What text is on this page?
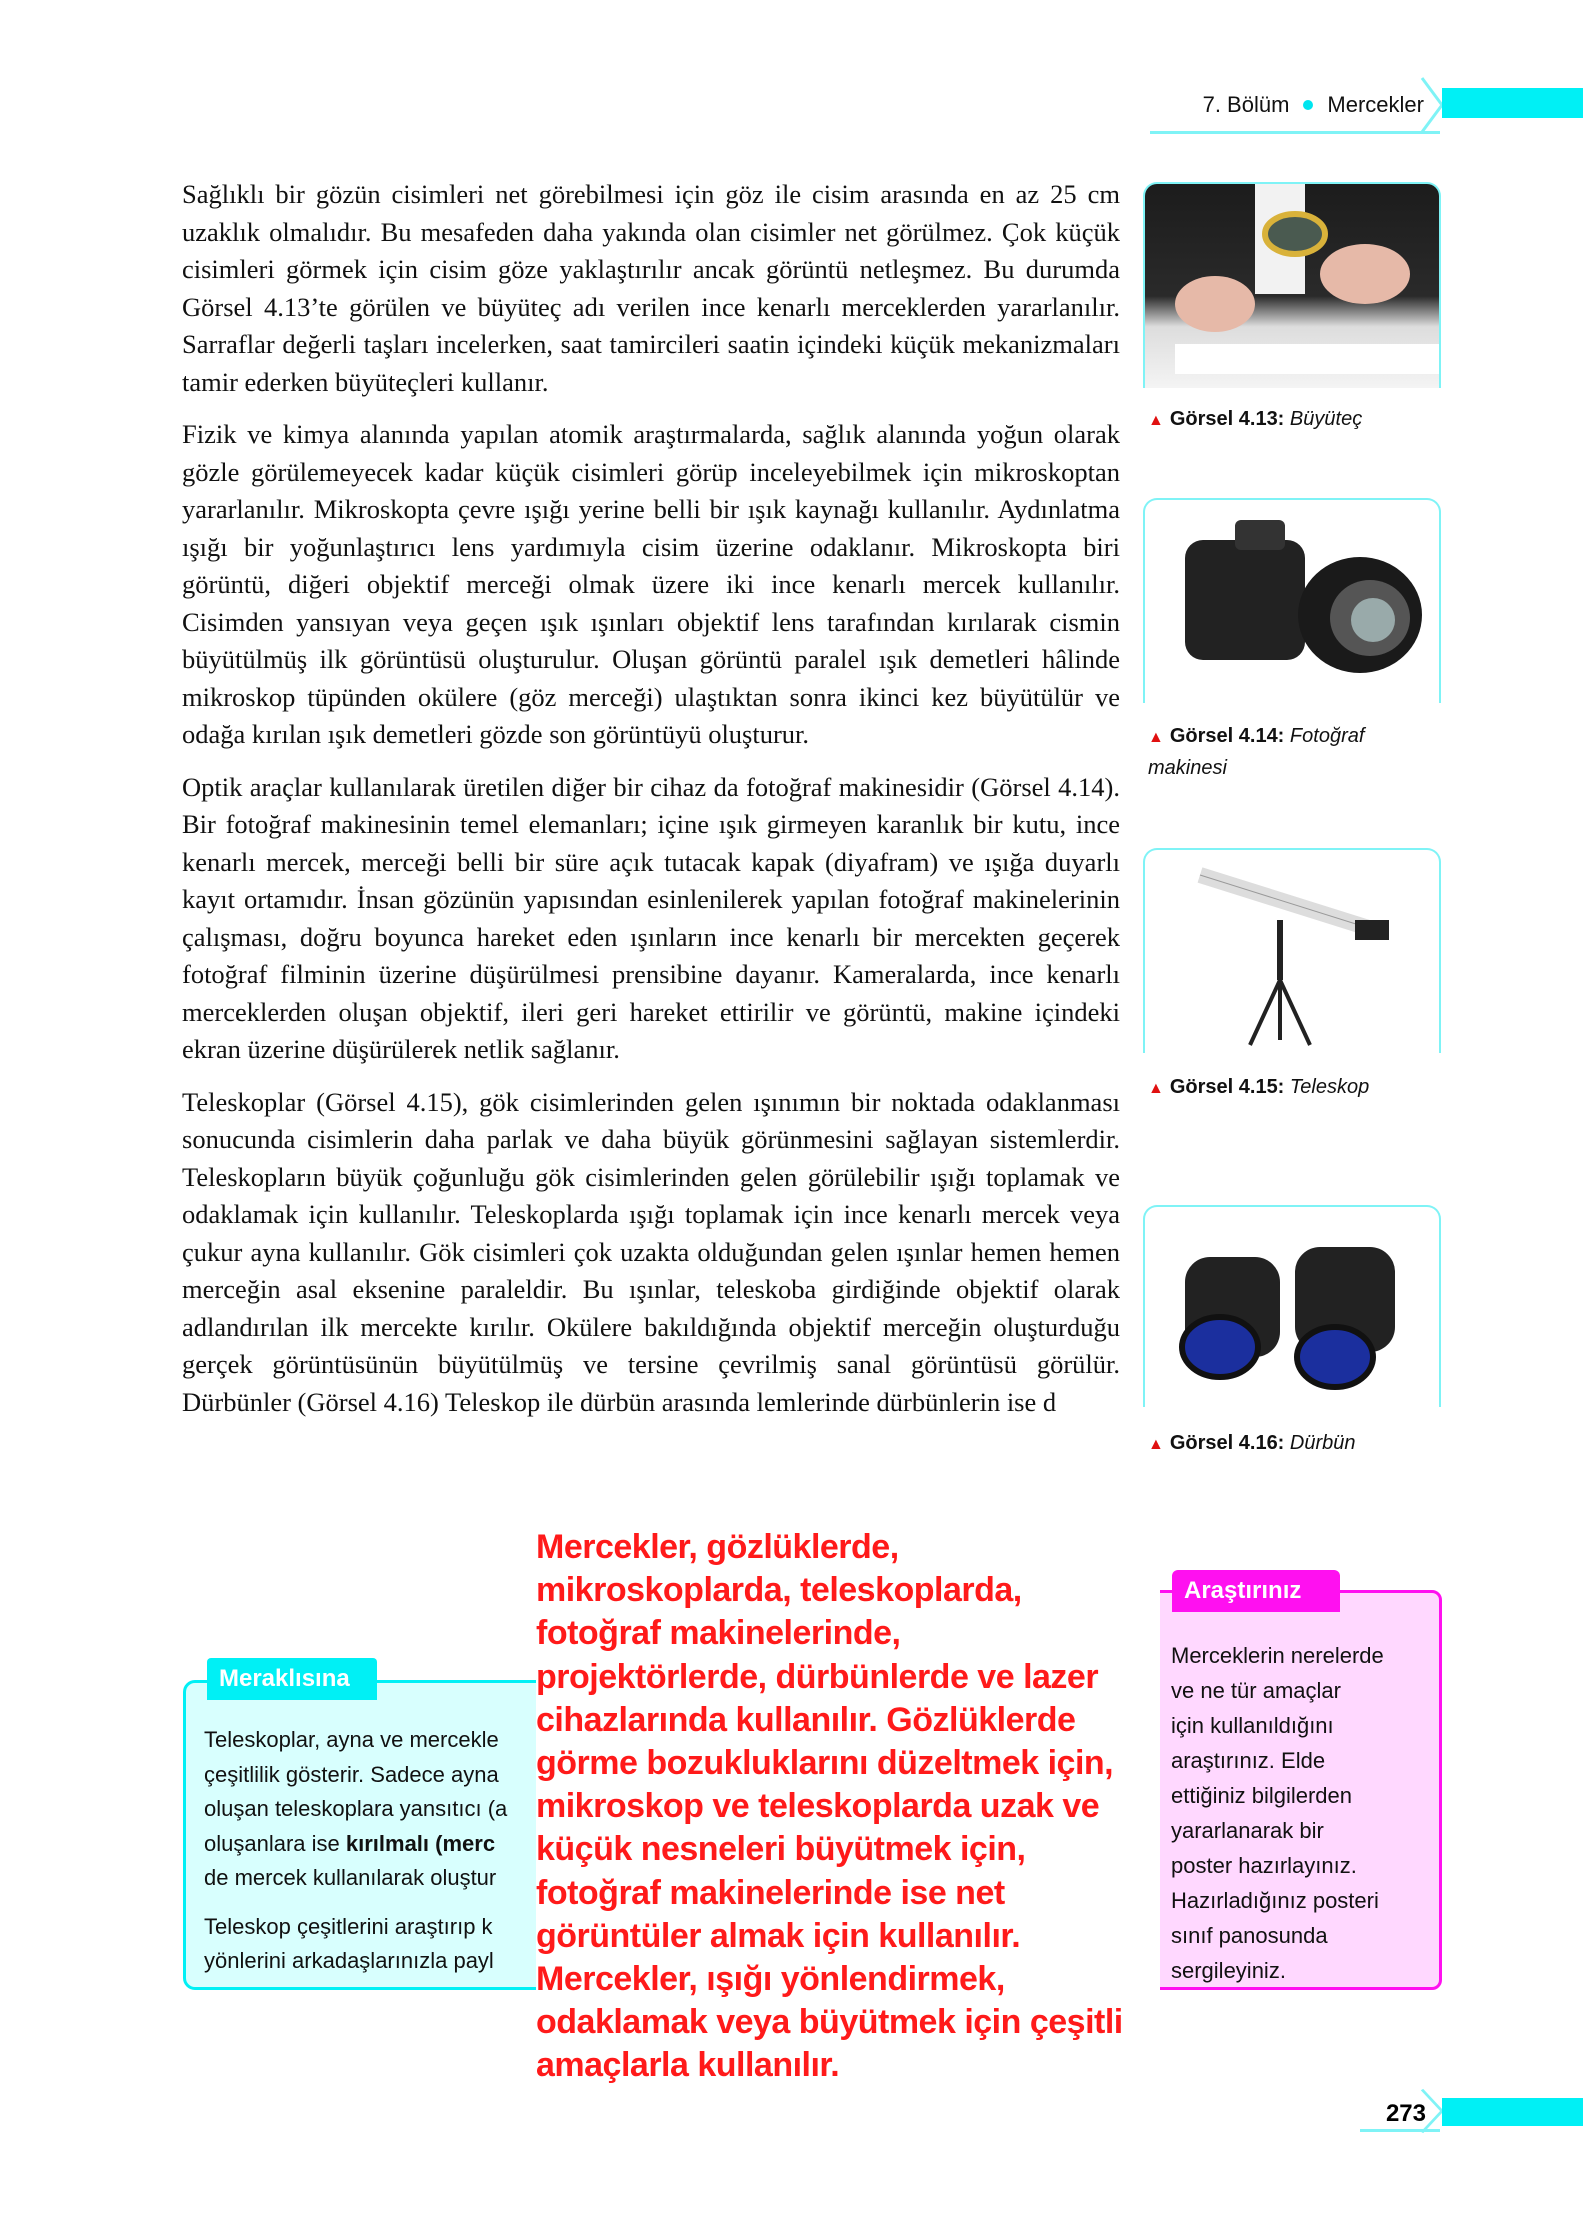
7. Bölüm Mercekler

Sağlıklı bir gözün cisimleri net görebilmesi için göz ile cisim arasında en az 25 cm uzaklık olmalıdır. Bu mesafeden daha yakında olan cisimler net görülmez. Çok küçük cisimleri görmek için cisim göze yaklaştırılır ancak görüntü netleşmez. Bu durumda Görsel 4.13’te görülen ve büyüteç adı verilen ince kenarlı merceklerden yararlanılır. Sarraflar değerli taşları incelerken, saat tamircileri saatin içindeki küçük mekanizmaları tamir ederken büyüteçleri kullanır.

Fizik ve kimya alanında yapılan atomik araştırmalarda, sağlık alanında yoğun olarak gözle görülemeyecek kadar küçük cisimleri görüp inceleyebilmek için mikroskoptan yararlanılır. Mikroskopta çevre ışığı yerine belli bir ışık kaynağı kullanılır. Aydınlatma ışığı bir yoğunlaştırıcı lens yardımıyla cisim üzerine odaklanır. Mikroskopta biri görüntü, diğeri objektif merceği olmak üzere iki ince kenarlı mercek kullanılır. Cisimden yansıyan veya geçen ışık ışınları objektif lens tarafından kırılarak cismin büyütülmüş ilk görüntüsü oluşturulur. Oluşan görüntü paralel ışık demetleri hâlinde mikroskop tüpünden okülere (göz merceği) ulaştıktan sonra ikinci kez büyütülür ve odağa kırılan ışık demetleri gözde son görüntüyü oluşturur.

Optik araçlar kullanılarak üretilen diğer bir cihaz da fotoğraf makinesidir (Görsel 4.14). Bir fotoğraf makinesinin temel elemanları; içine ışık girmeyen karanlık bir kutu, ince kenarlı mercek, merceği belli bir süre açık tutacak kapak (diyafram) ve ışığa duyarlı kayıt ortamıdır. İnsan gözünün yapısından esinlenilerek yapılan fotoğraf makinelerinin çalışması, doğru boyunca hareket eden ışınların ince kenarlı bir mercekten geçerek fotoğraf filminin üzerine düşürülmesi prensibine dayanır. Kameralarda, ince kenarlı merceklerden oluşan objektif, ileri geri hareket ettirilir ve görüntü, makine içindeki ekran üzerine düşürülerek netlik sağlanır.

Teleskoplar (Görsel 4.15), gök cisimlerinden gelen ışınımın bir noktada odaklanması sonucunda cisimlerin daha parlak ve daha büyük görünmesini sağlayan sistemlerdir. Teleskopların büyük çoğunluğu gök cisimlerinden gelen görülebilir ışığı toplamak ve odaklamak için kullanılır. Teleskoplarda ışığı toplamak için ince kenarlı mercek veya çukur ayna kullanılır. Gök cisimleri çok uzakta olduğundan gelen ışınlar hemen hemen merceğin asal eksenine paraleldir. Bu ışınlar, teleskoba girdiğinde objektif olarak adlandırılan ilk mercekte kırılır. Okülere bakıldığında objektif merceğin oluşturduğu gerçek görüntüsünün büyütülmüş ve tersine çevrilmiş sanal görüntüsü görülür. Dürbünler (Görsel 4.16) Teleskop ile dürbün arasında lemlerinde dürbünlerin ise d

▲ Görsel 4.13: Büyüteç
▲ Görsel 4.14: Fotoğraf makinesi
▲ Görsel 4.15: Teleskop
▲ Görsel 4.16: Dürbün
Teleskoplar, ayna ve mercekle
çeşitlilik gösterir. Sadece ayna
oluşan teleskoplara yansıtıcı (a
oluşanlara ise kırılmalı (merc
de mercek kullanılarak oluştur
Teleskop çeşitlerini araştırıp k
yönlerini arkadaşlarınızla payl
Meraklısına
Merceklerin nerelerde
ve ne tür amaçlar
için kullanıldığını
araştırınız. Elde
ettiğiniz bilgilerden
yararlanarak bir
poster hazırlayınız.
Hazırladığınız posteri
sınıf panosunda
sergileyiniz.
Araştırınız
Mercekler, gözlüklerde,
mikroskoplarda, teleskoplarda,
fotoğraf makinelerinde,
projektörlerde, dürbünlerde ve lazer
cihazlarında kullanılır. Gözlüklerde
görme bozukluklarını düzeltmek için,
mikroskop ve teleskoplarda uzak ve
küçük nesneleri büyütmek için,
fotoğraf makinelerinde ise net
görüntüler almak için kullanılır.
Mercekler, ışığı yönlendirmek,
odaklamak veya büyütmek için çeşitli
amaçlarla kullanılır.
273
